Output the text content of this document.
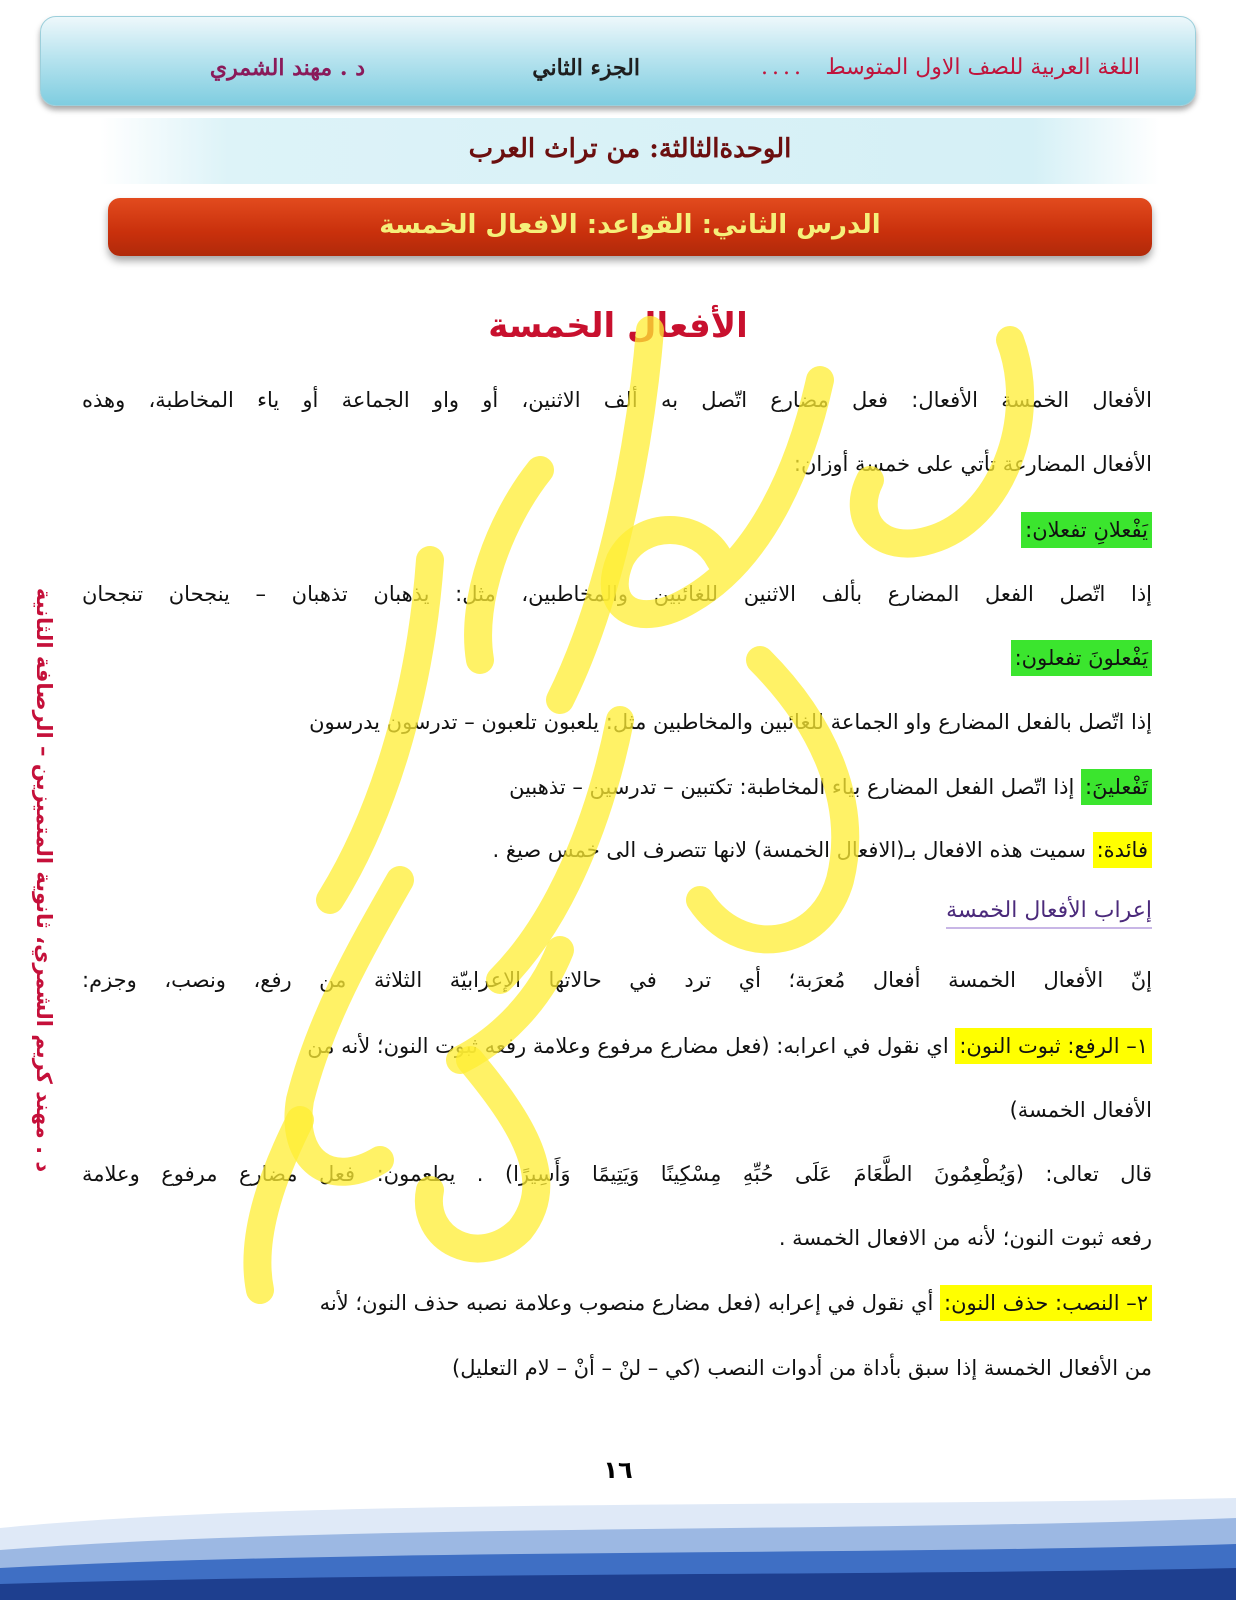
اللغة العربية للصف الاول المتوسط
....
الجزء الثاني
د . مهند الشمري
الوحدةالثالثة: من تراث العرب
الدرس الثاني: القواعد: الافعال الخمسة
الأفعال الخمسة
د . مهند كريم الشمري، ثانوية المتميزين – الرصافة الثانية
الأفعال الخمسة الأفعال: فعل مضارع اتّصل به ألف الاثنين، أو واو الجماعة أو ياء المخاطبة، وهذه
الأفعال المضارعة تأتي على خمسة أوزان:
يَفْعلانِ تفعلان:
إذا اتّصل الفعل المضارع بألف الاثنين للغائبين والمخاطبين، مثل: يذهبان تذهبان – ينجحان تنجحان
يَفْعلونَ تفعلون:
إذا اتّصل بالفعل المضارع واو الجماعة للغائبين والمخاطبين مثل: يلعبون تلعبون – تدرسون يدرسون
تَفْعلينَ: إذا اتّصل الفعل المضارع بياء المخاطبة: تكتبين – تدرسين – تذهبين
فائدة: سميت هذه الافعال بـ(الافعال الخمسة) لانها تتصرف الى خمس صيغ .
إعراب الأفعال الخمسة
إنّ الأفعال الخمسة أفعال مُعرَبة؛ أي ترد في حالاتها الإعرابيّة الثلاثة من رفع، ونصب، وجزم:
١– الرفع: ثبوت النون: اي نقول في اعرابه: (فعل مضارع مرفوع وعلامة رفعه ثبوت النون؛ لأنه من
الأفعال الخمسة)
قال تعالى: (وَيُطْعِمُونَ الطَّعَامَ عَلَى حُبِّهِ مِسْكِينًا وَيَتِيمًا وَأَسِيرًا) . يطعمون: فعل مضارع مرفوع وعلامة
رفعه ثبوت النون؛ لأنه من الافعال الخمسة .
٢– النصب: حذف النون: أي نقول في إعرابه (فعل مضارع منصوب وعلامة نصبه حذف النون؛ لأنه
من الأفعال الخمسة إذا سبق بأداة من أدوات النصب (كي – لنْ – أنْ – لام التعليل)
١٦
